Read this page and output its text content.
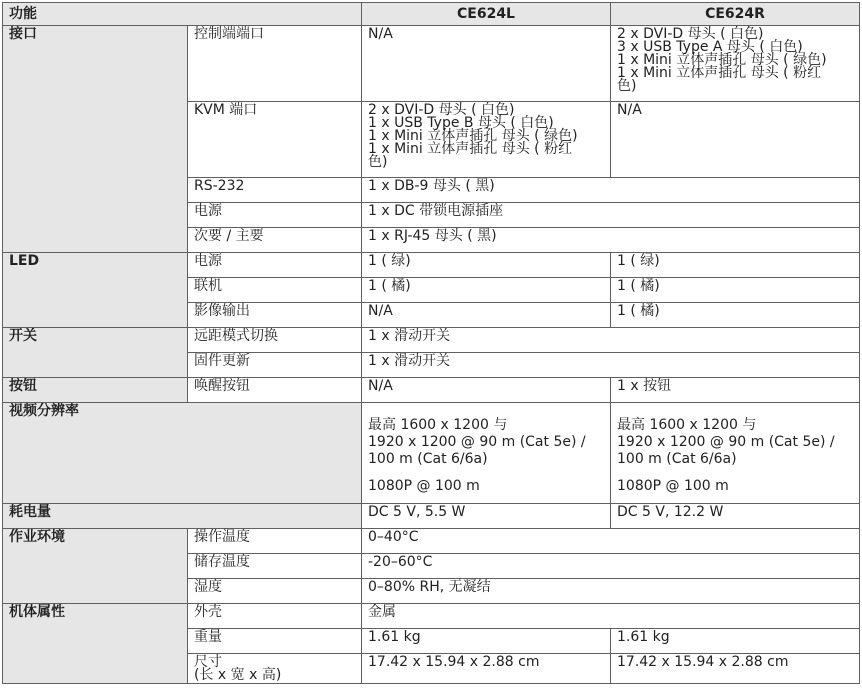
功能		CE624L	CE624R
接口	控制端端口	N/A	2 x DVI-D 母头 ( 白色)
3 x USB Type A 母头 ( 白色)
1 x Mini 立体声插孔 母头 ( 绿色)
1 x Mini 立体声插孔 母头 ( 粉红
色)

	KVM 端口	2 x DVI-D 母头 ( 白色)
1 x USB Type B 母头 ( 白色)
1 x Mini 立体声插孔 母头 ( 绿色)
1 x Mini 立体声插孔 母头 ( 粉红
色)	N/A
	RS-232	1 x DB-9 母头 ( 黑)	
	电源	1 x DC 带锁电源插座	
	次要 / 主要	1 x RJ-45 母头 ( 黑)	
LED	电源	1 ( 绿)	1 ( 绿)
	联机	1 ( 橘)	1 ( 橘)
	影像输出	N/A	1 ( 橘)
开关	远距模式切换	1 x 滑动开关	
	固件更新	1 x 滑动开关	
按钮	唤醒按钮	N/A	1 x 按钮
视频分辨率		最高 1600 x 1200 与
1920 x 1200 @ 90 m (Cat 5e) /
100 m (Cat 6/6a)
1080P @ 100 m	最高 1600 x 1200 与
1920 x 1200 @ 90 m (Cat 5e) /
100 m (Cat 6/6a)
1080P @ 100 m

耗电量		DC 5 V, 5.5 W	DC 5 V, 12.2 W
作业环境	操作温度	0–40°C	
	储存温度	-20–60°C	
	湿度	0–80% RH, 无凝结	
机体属性	外壳	金属	
	重量	1.61 kg	1.61 kg

	尺寸
(长 x 宽 x 高)	17.42 x 15.94 x 2.88 cm	17.42 x 15.94 x 2.88 cm
